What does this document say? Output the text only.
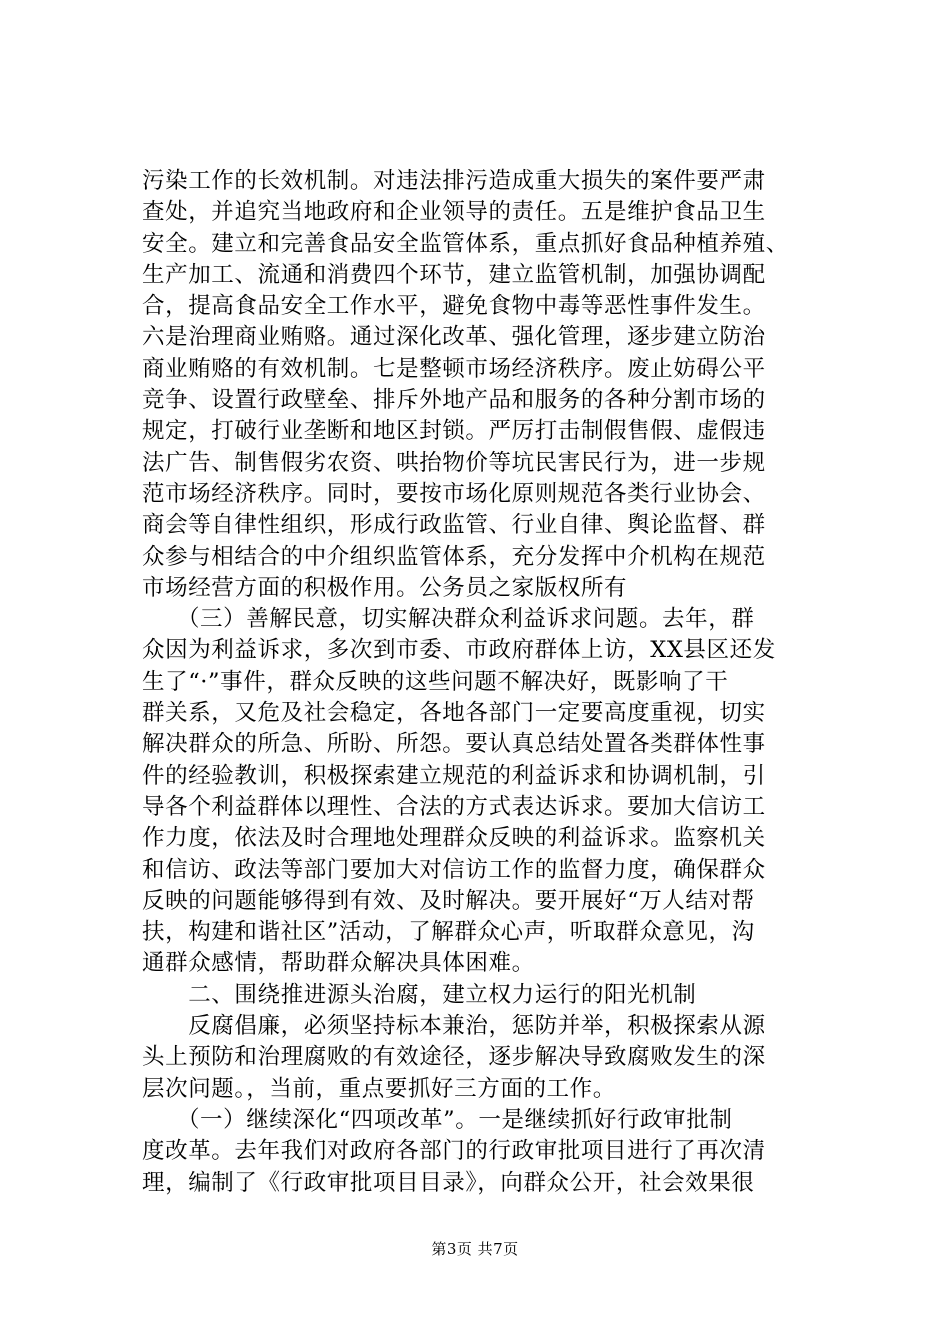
污染工作的长效机制。对违法排污造成重大损失的案件要严肃
查处，并追究当地政府和企业领导的责任。五是维护食品卫生
安全。建立和完善食品安全监管体系，重点抓好食品种植养殖、
生产加工、流通和消费四个环节，建立监管机制，加强协调配
合，提高食品安全工作水平，避免食物中毒等恶性事件发生。
六是治理商业贿赂。通过深化改革、强化管理，逐步建立防治
商业贿赂的有效机制。七是整顿市场经济秩序。废止妨碍公平
竞争、设置行政壁垒、排斥外地产品和服务的各种分割市场的
规定，打破行业垄断和地区封锁。严厉打击制假售假、虚假违
法广告、制售假劣农资、哄抬物价等坑民害民行为，进一步规
范市场经济秩序。同时，要按市场化原则规范各类行业协会、
商会等自律性组织，形成行政监管、行业自律、舆论监督、群
众参与相结合的中介组织监管体系，充分发挥中介机构在规范
市场经营方面的积极作用。公务员之家版权所有
　　（三）善解民意，切实解决群众利益诉求问题。去年，群
众因为利益诉求，多次到市委、市政府群体上访，XX县区还发
生了“·”事件，群众反映的这些问题不解决好，既影响了干
群关系，又危及社会稳定，各地各部门一定要高度重视，切实
解决群众的所急、所盼、所怨。要认真总结处置各类群体性事
件的经验教训，积极探索建立规范的利益诉求和协调机制，引
导各个利益群体以理性、合法的方式表达诉求。要加大信访工
作力度，依法及时合理地处理群众反映的利益诉求。监察机关
和信访、政法等部门要加大对信访工作的监督力度，确保群众
反映的问题能够得到有效、及时解决。要开展好“万人结对帮
扶，构建和谐社区”活动，了解群众心声，听取群众意见，沟
通群众感情，帮助群众解决具体困难。
　　二、围绕推进源头治腐，建立权力运行的阳光机制
　　反腐倡廉，必须坚持标本兼治，惩防并举，积极探索从源
头上预防和治理腐败的有效途径，逐步解决导致腐败发生的深
层次问题。，当前，重点要抓好三方面的工作。
　　（一）继续深化“四项改革”。一是继续抓好行政审批制
度改革。去年我们对政府各部门的行政审批项目进行了再次清
理，编制了《行政审批项目目录》，向群众公开，社会效果很
第3页 共7页
